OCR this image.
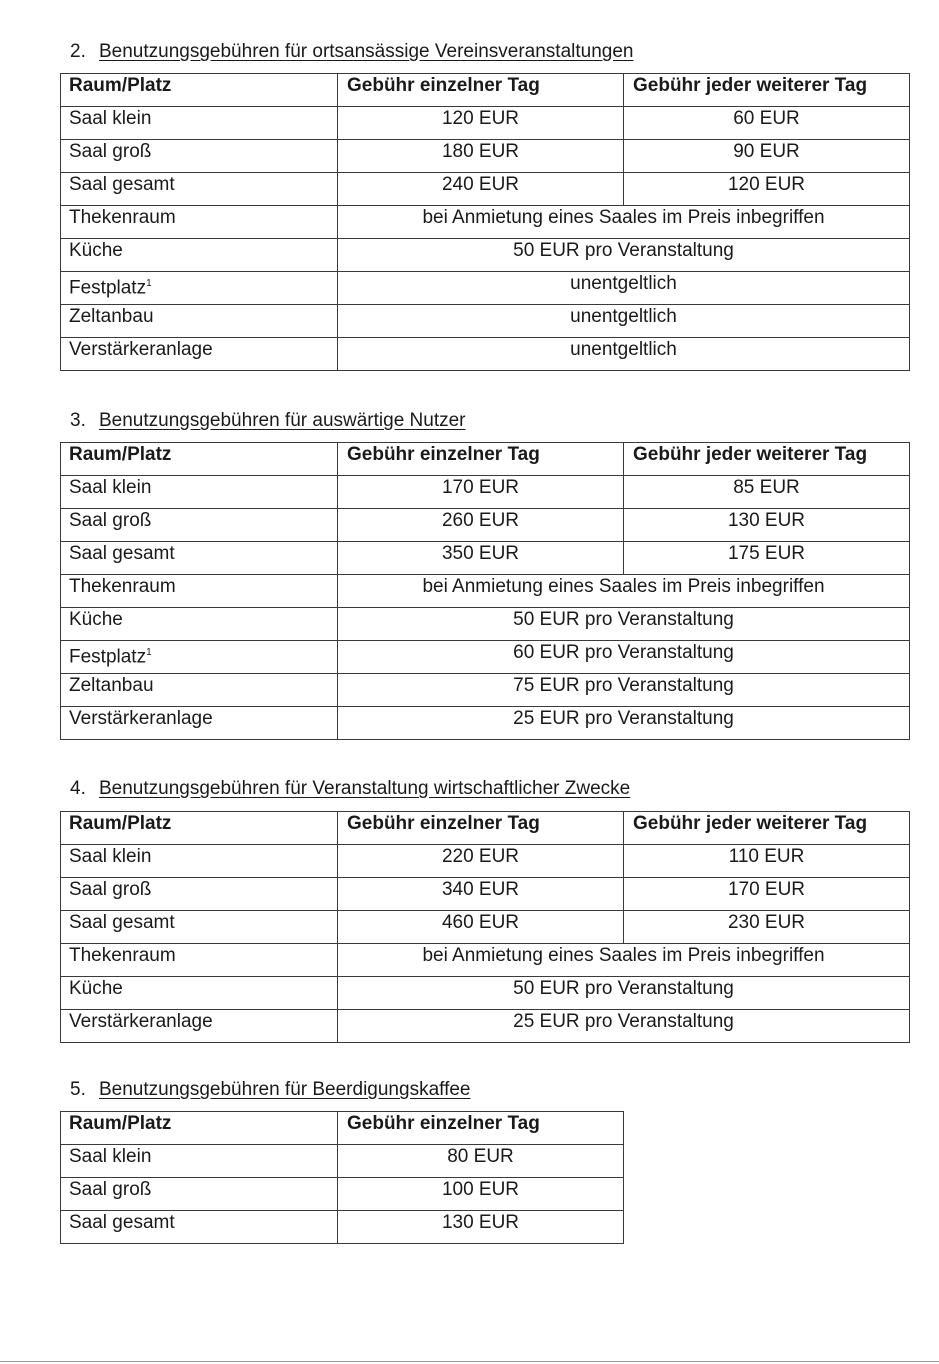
2. Benutzungsgebühren für ortsansässige Vereinsveranstaltungen
Raum/Platz	Gebühr einzelner Tag	Gebühr jeder weiterer Tag
Saal klein	120 EUR	60 EUR
Saal groß	180 EUR	90 EUR
Saal gesamt	240 EUR	120 EUR
Thekenraum	bei Anmietung eines Saales im Preis inbegriffen	
Küche	50 EUR pro Veranstaltung	
Festplatz$^1$	unentgeltlich	
Zeltanbau	unentgeltlich	
Verstärkeranlage	unentgeltlich	
3. Benutzungsgebühren für auswärtige Nutzer
Raum/Platz	Gebühr einzelner Tag	Gebühr jeder weiterer Tag
Saal klein	170 EUR	85 EUR
Saal groß	260 EUR	130 EUR
Saal gesamt	350 EUR	175 EUR
Thekenraum	bei Anmietung eines Saales im Preis inbegriffen	
Küche	50 EUR pro Veranstaltung	
Festplatz$^1$	60 EUR pro Veranstaltung	
Zeltanbau	75 EUR pro Veranstaltung	
Verstärkeranlage	25 EUR pro Veranstaltung	
4. Benutzungsgebühren für Veranstaltung wirtschaftlicher Zwecke
Raum/Platz	Gebühr einzelner Tag	Gebühr jeder weiterer Tag
Saal klein	220 EUR	110 EUR
Saal groß	340 EUR	170 EUR
Saal gesamt	460 EUR	230 EUR
Thekenraum	bei Anmietung eines Saales im Preis inbegriffen	
Küche	50 EUR pro Veranstaltung	
Verstärkeranlage	25 EUR pro Veranstaltung	
5. Benutzungsgebühren für Beerdigungskaffee
Raum/Platz	Gebühr einzelner Tag
Saal klein	80 EUR
Saal groß	100 EUR
Saal gesamt	130 EUR
